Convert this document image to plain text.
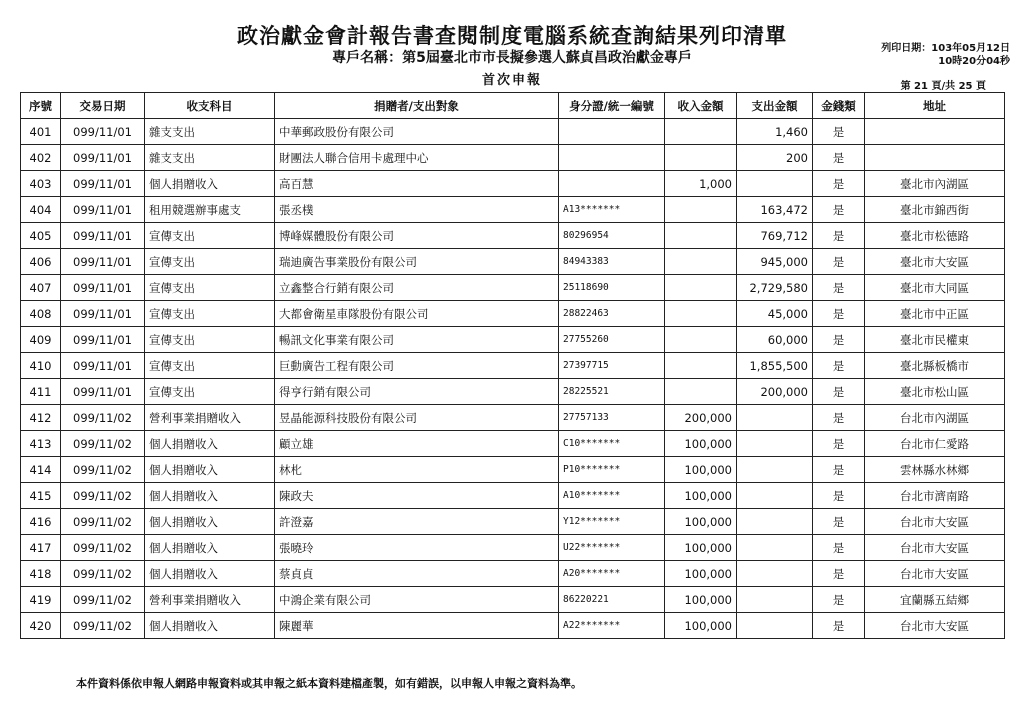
政治獻金會計報告書查閱制度電腦系統查詢結果列印清單
專戶名稱：第5屆臺北市市長擬參選人蘇貞昌政治獻金專戶
首次申報
列印日期：103年05月12日
10時20分04秒
第 21 頁/共 25 頁
序號	交易日期	收支科目	捐贈者/支出對象	身分證/統一編號	收入金額	支出金額	金錢類	地址
401	099/11/01	雜支支出	中華郵政股份有限公司			1,460	是	
402	099/11/01	雜支支出	財團法人聯合信用卡處理中心			200	是	
403	099/11/01	個人捐贈收入	高百慧		1,000		是	臺北市內湖區
404	099/11/01	租用競選辦事處支	張丞樸	A13*******		163,472	是	臺北市錦西街
405	099/11/01	宣傳支出	博峰媒體股份有限公司	80296954		769,712	是	臺北市松德路
406	099/11/01	宣傳支出	瑞迪廣告事業股份有限公司	84943383		945,000	是	臺北市大安區
407	099/11/01	宣傳支出	立鑫整合行銷有限公司	25118690		2,729,580	是	臺北市大同區
408	099/11/01	宣傳支出	大都會衛星車隊股份有限公司	28822463		45,000	是	臺北市中正區
409	099/11/01	宣傳支出	暢訊文化事業有限公司	27755260		60,000	是	臺北市民權東
410	099/11/01	宣傳支出	巨動廣告工程有限公司	27397715		1,855,500	是	臺北縣板橋市
411	099/11/01	宣傳支出	得亨行銷有限公司	28225521		200,000	是	臺北市松山區
412	099/11/02	營利事業捐贈收入	昱晶能源科技股份有限公司	27757133	200,000		是	台北市內湖區
413	099/11/02	個人捐贈收入	顧立雄	C10*******	100,000		是	台北市仁愛路
414	099/11/02	個人捐贈收入	林朼	P10*******	100,000		是	雲林縣水林鄉
415	099/11/02	個人捐贈收入	陳政夫	A10*******	100,000		是	台北市濟南路
416	099/11/02	個人捐贈收入	許澄嘉	Y12*******	100,000		是	台北市大安區
417	099/11/02	個人捐贈收入	張曉玲	U22*******	100,000		是	台北市大安區
418	099/11/02	個人捐贈收入	蔡貞貞	A20*******	100,000		是	台北市大安區
419	099/11/02	營利事業捐贈收入	中鴻企業有限公司	86220221	100,000		是	宜蘭縣五結鄉
420	099/11/02	個人捐贈收入	陳麗華	A22*******	100,000		是	台北市大安區
本件資料係依申報人網路申報資料或其申報之紙本資料建檔產製，如有錯誤，以申報人申報之資料為準。
